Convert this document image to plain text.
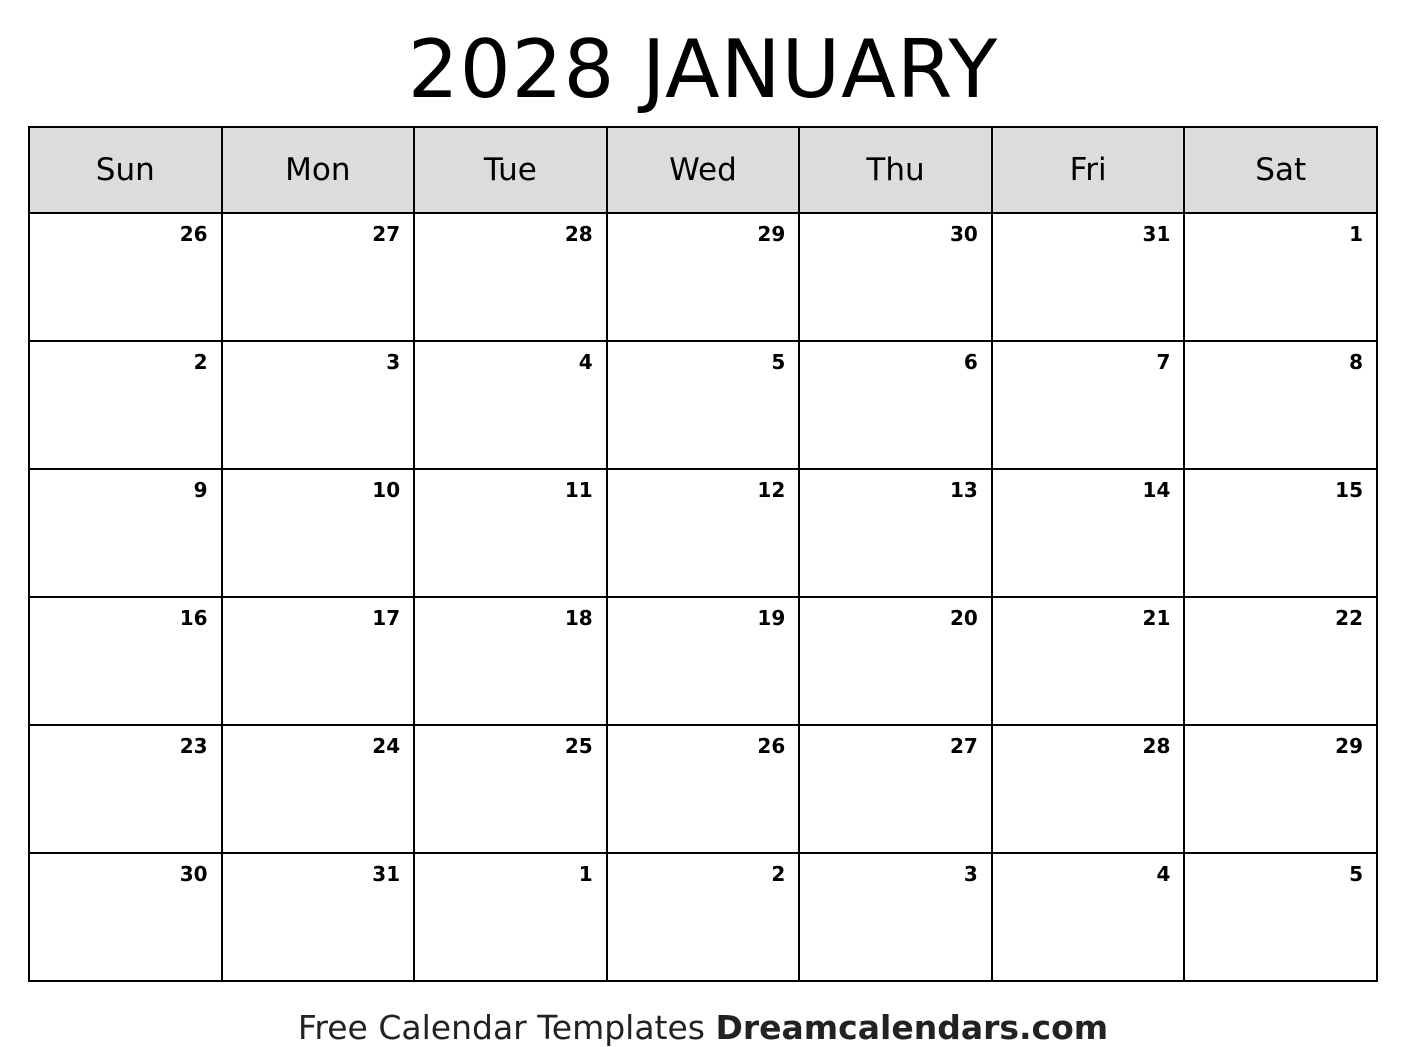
2028 JANUARY
Sun	Mon	Tue	Wed	Thu	Fri	Sat
26	27	28	29	30	31	1
2	3	4	5	6	7	8
9	10	11	12	13	14	15
16	17	18	19	20	21	22
23	24	25	26	27	28	29
30	31	1	2	3	4	5
Free Calendar Templates Dreamcalendars.com
